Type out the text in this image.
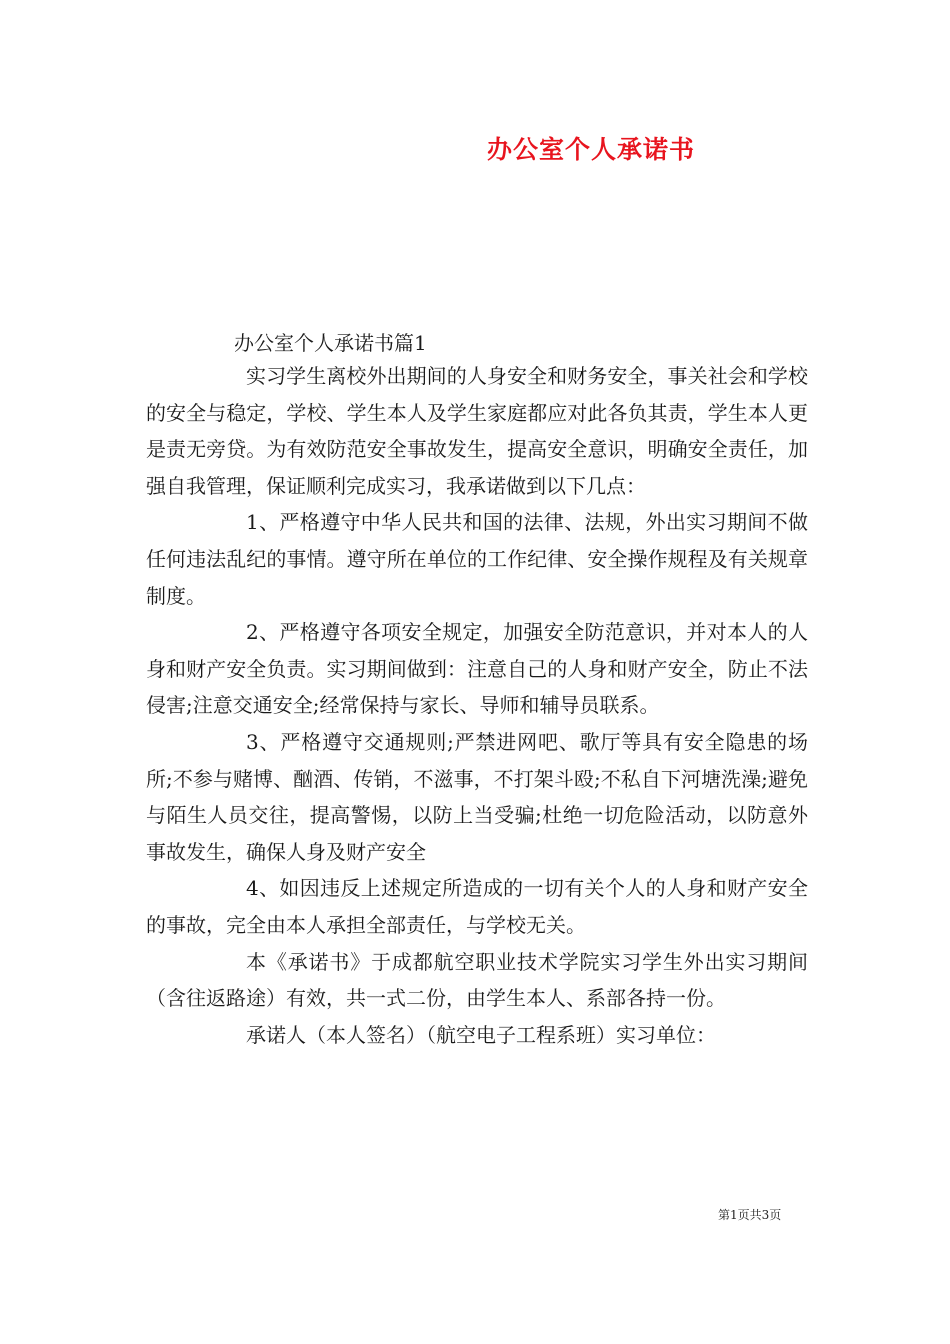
办公室个人承诺书
办公室个人承诺书篇1

实习学生离校外出期间的人身安全和财务安全，事关社会和学校的安全与稳定，学校、学生本人及学生家庭都应对此各负其责，学生本人更是责无旁贷。为有效防范安全事故发生，提高安全意识，明确安全责任，加强自我管理，保证顺利完成实习，我承诺做到以下几点：

1、严格遵守中华人民共和国的法律、法规，外出实习期间不做任何违法乱纪的事情。遵守所在单位的工作纪律、安全操作规程及有关规章制度。

2、严格遵守各项安全规定，加强安全防范意识，并对本人的人身和财产安全负责。实习期间做到：注意自己的人身和财产安全，防止不法侵害;注意交通安全;经常保持与家长、导师和辅导员联系。

3、严格遵守交通规则;严禁进网吧、歌厅等具有安全隐患的场所;不参与赌博、酗酒、传销，不滋事，不打架斗殴;不私自下河塘洗澡;避免与陌生人员交往，提高警惕，以防上当受骗;杜绝一切危险活动，以防意外事故发生，确保人身及财产安全

4、如因违反上述规定所造成的一切有关个人的人身和财产安全的事故，完全由本人承担全部责任，与学校无关。

本《承诺书》于成都航空职业技术学院实习学生外出实习期间（含往返路途）有效，共一式二份，由学生本人、系部各持一份。

承诺人（本人签名）（航空电子工程系班）实习单位：

第1页共3页
